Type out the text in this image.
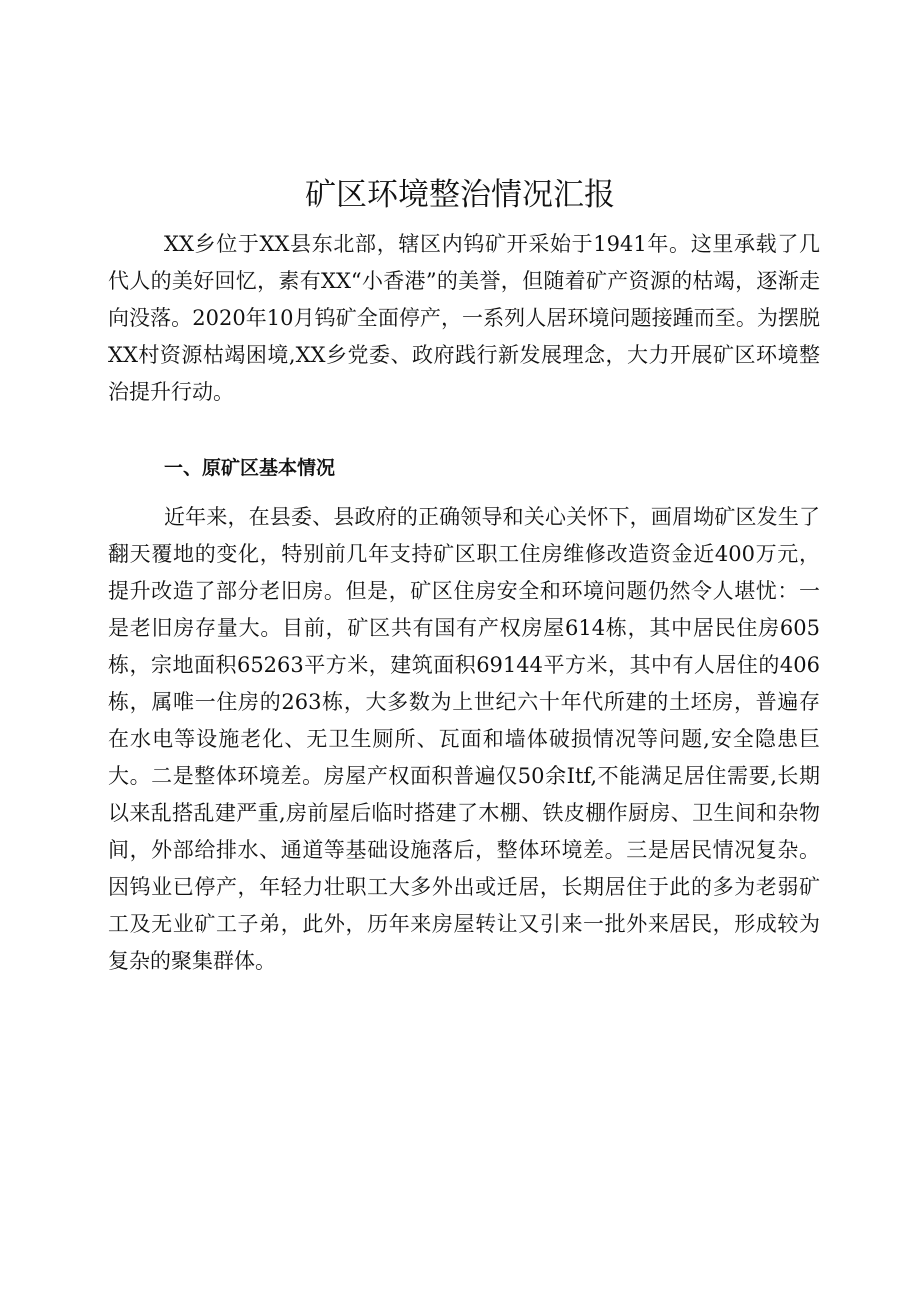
矿区环境整治情况汇报

XX乡位于XX县东北部，辖区内钨矿开采始于1941年。这里承载了几代人的美好回忆，素有XX“小香港”的美誉，但随着矿产资源的枯竭，逐渐走向没落。2020年10月钨矿全面停产，一系列人居环境问题接踵而至。为摆脱XX村资源枯竭困境,XX乡党委、政府践行新发展理念，大力开展矿区环境整治提升行动。

一、原矿区基本情况

近年来，在县委、县政府的正确领导和关心关怀下，画眉坳矿区发生了翻天覆地的变化，特别前几年支持矿区职工住房维修改造资金近400万元，提升改造了部分老旧房。但是，矿区住房安全和环境问题仍然令人堪忧：一是老旧房存量大。目前，矿区共有国有产权房屋614栋，其中居民住房605栋，宗地面积65263平方米，建筑面积69144平方米，其中有人居住的406栋，属唯一住房的263栋，大多数为上世纪六十年代所建的土坯房，普遍存在水电等设施老化、无卫生厕所、瓦面和墙体破损情况等问题,安全隐患巨大。二是整体环境差。房屋产权面积普遍仅50余Itf,不能满足居住需要,长期以来乱搭乱建严重,房前屋后临时搭建了木棚、铁皮棚作厨房、卫生间和杂物间，外部给排水、通道等基础设施落后，整体环境差。三是居民情况复杂。因钨业已停产，年轻力壮职工大多外出或迁居，长期居住于此的多为老弱矿工及无业矿工子弟，此外，历年来房屋转让又引来一批外来居民，形成较为复杂的聚集群体。
